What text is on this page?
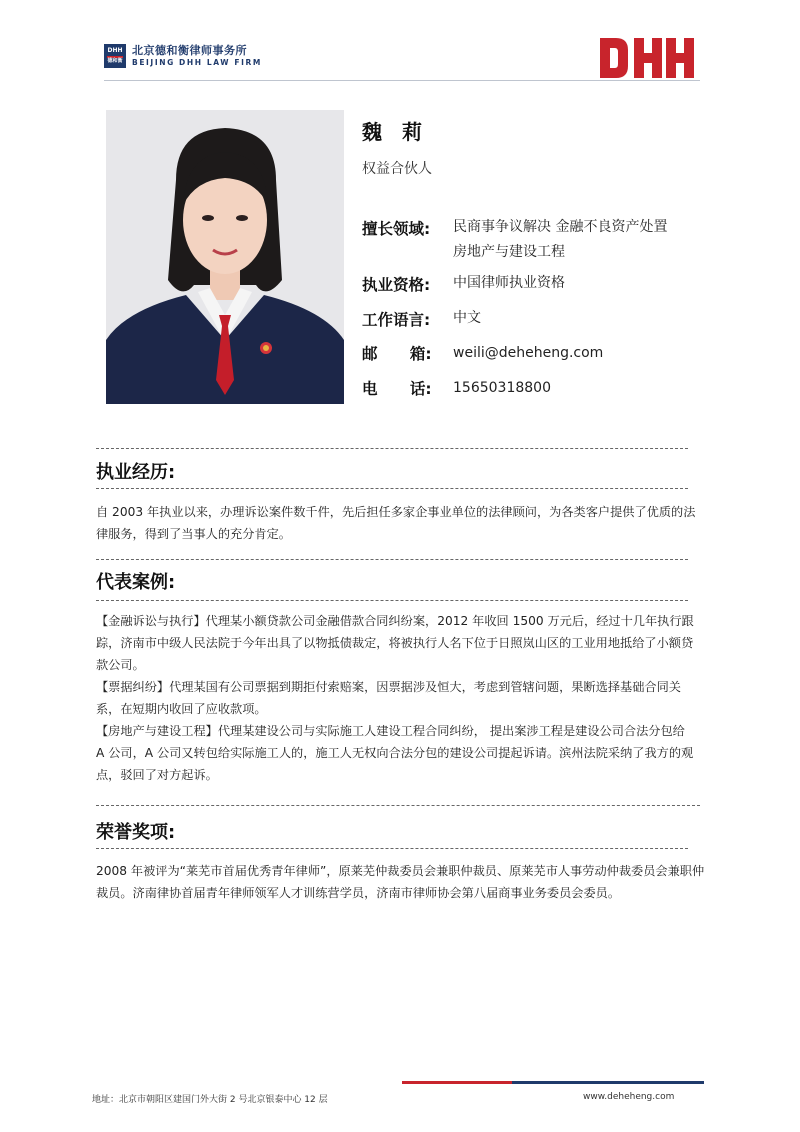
DHH
德和衡
北京德和衡律师事务所
BEIJING DHH LAW FIRM
魏莉
权益合伙人
擅长领域: 民商事争议解决 金融不良资产处置
房地产与建设工程
执业资格: 中国律师执业资格
工作语言: 中文
邮      箱: weili@deheheng.com
电      话: 15650318800
执业经历:
自 2003 年执业以来，办理诉讼案件数千件，先后担任多家企事业单位的法律顾问，为各类客户提供了优质的法律服务，得到了当事人的充分肯定。
代表案例:
【金融诉讼与执行】代理某小额贷款公司金融借款合同纠纷案，2012 年收回 1500 万元后，经过十几年执行跟踪，济南市中级人民法院于今年出具了以物抵债裁定，将被执行人名下位于日照岚山区的工业用地抵给了小额贷款公司。
【票据纠纷】代理某国有公司票据到期拒付索赔案，因票据涉及恒大，考虑到管辖问题，果断选择基础合同关系，在短期内收回了应收款项。
【房地产与建设工程】代理某建设公司与实际施工人建设工程合同纠纷， 提出案涉工程是建设公司合法分包给 A 公司，A 公司又转包给实际施工人的，施工人无权向合法分包的建设公司提起诉请。滨州法院采纳了我方的观点，驳回了对方起诉。
荣誉奖项:
2008 年被评为“莱芜市首届优秀青年律师”，原莱芜仲裁委员会兼职仲裁员、原莱芜市人事劳动仲裁委员会兼职仲裁员。济南律协首届青年律师领军人才训练营学员，济南市律师协会第八届商事业务委员会委员。
地址：北京市朝阳区建国门外大街 2 号北京银泰中心 12 层	www.deheheng.com
